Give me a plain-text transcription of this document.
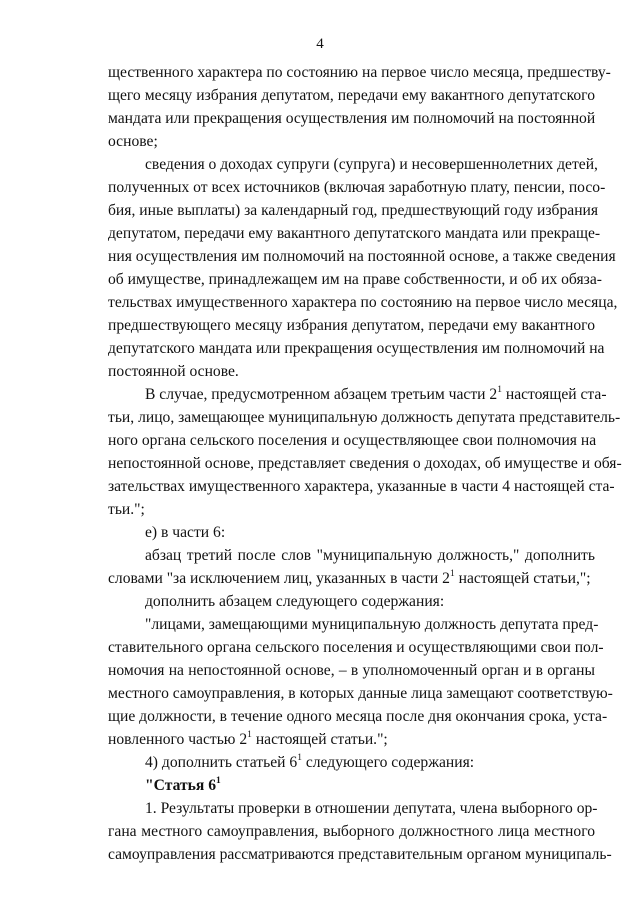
4
щественного характера по состоянию на первое число месяца, предшеству-
щего месяцу избрания депутатом, передачи ему вакантного депутатского
мандата или прекращения осуществления им полномочий на постоянной
основе;
сведения о доходах супруги (супруга) и несовершеннолетних детей,
полученных от всех источников (включая заработную плату, пенсии, посо-
бия, иные выплаты) за календарный год, предшествующий году избрания
депутатом, передачи ему вакантного депутатского мандата или прекраще-
ния осуществления им полномочий на постоянной основе, а также сведения
об имуществе, принадлежащем им на праве собственности, и об их обяза-
тельствах имущественного характера по состоянию на первое число месяца,
предшествующего месяцу избрания депутатом, передачи ему вакантного
депутатского мандата или прекращения осуществления им полномочий на
постоянной основе.
В случае, предусмотренном абзацем третьим части $2^1$ настоящей ста-
тьи, лицо, замещающее муниципальную должность депутата представитель-
ного органа сельского поселения и осуществляющее свои полномочия на
непостоянной основе, представляет сведения о доходах, об имуществе и обя-
зательствах имущественного характера, указанные в части 4 настоящей ста-
тьи.";
е) в части 6:
абзац третий после слов "муниципальную должность," дополнить
словами "за исключением лиц, указанных в части $2^1$ настоящей статьи,";
дополнить абзацем следующего содержания:
"лицами, замещающими муниципальную должность депутата пред-
ставительного органа сельского поселения и осуществляющими свои пол-
номочия на непостоянной основе, – в уполномоченный орган и в органы
местного самоуправления, в которых данные лица замещают соответствую-
щие должности, в течение одного месяца после дня окончания срока, уста-
новленного частью $2^1$ настоящей статьи.";
4) дополнить статьей $6^1$ следующего содержания:
"Статья $6^1$
1. Результаты проверки в отношении депутата, члена выборного ор-
гана местного самоуправления, выборного должностного лица местного
самоуправления рассматриваются представительным органом муниципаль-
